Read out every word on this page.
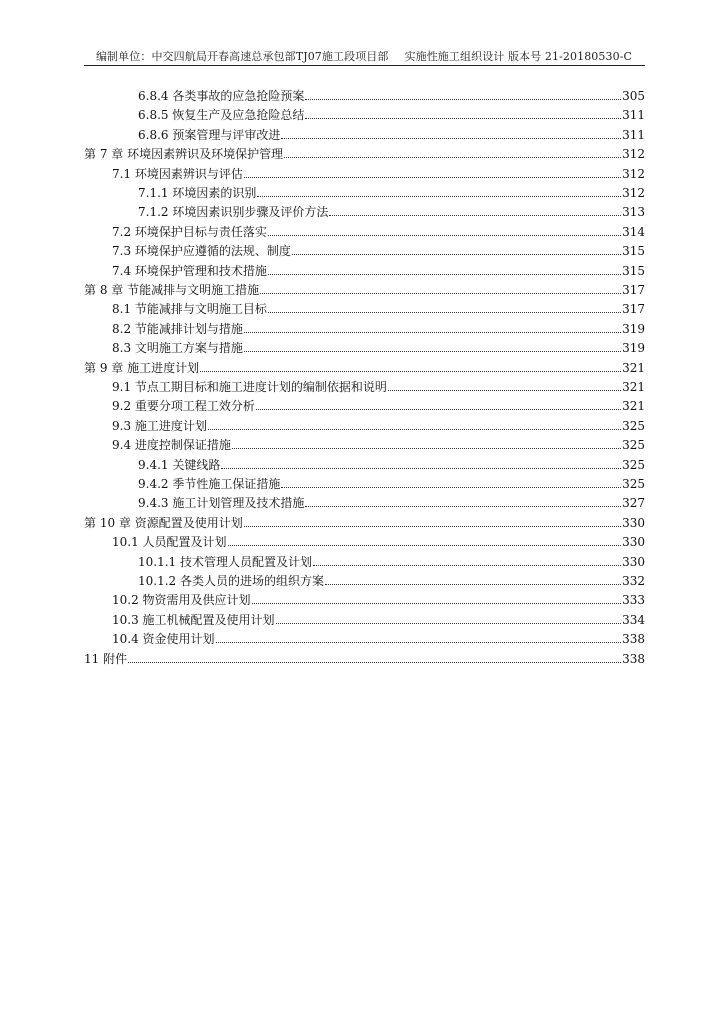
编制单位：中交四航局开春高速总承包部TJ07施工段项目部 实施性施工组织设计 版本号 21-20180530-C
6.8.4 各类事故的应急抢险预案	305
6.8.5 恢复生产及应急抢险总结	311
6.8.6 预案管理与评审改进	311
第 7 章 环境因素辨识及环境保护管理	312
7.1 环境因素辨识与评估	312
7.1.1 环境因素的识别	312
7.1.2 环境因素识别步骤及评价方法	313
7.2 环境保护目标与责任落实	314
7.3 环境保护应遵循的法规、制度	315
7.4 环境保护管理和技术措施	315
第 8 章 节能减排与文明施工措施	317
8.1 节能减排与文明施工目标	317
8.2 节能减排计划与措施	319
8.3 文明施工方案与措施	319
第 9 章 施工进度计划	321
9.1 节点工期目标和施工进度计划的编制依据和说明	321
9.2 重要分项工程工效分析	321
9.3 施工进度计划	325
9.4 进度控制保证措施	325
9.4.1 关键线路	325
9.4.2 季节性施工保证措施	325
9.4.3 施工计划管理及技术措施	327
第 10 章 资源配置及使用计划	330
10.1 人员配置及计划	330
10.1.1 技术管理人员配置及计划	330
10.1.2 各类人员的进场的组织方案	332
10.2 物资需用及供应计划	333
10.3 施工机械配置及使用计划	334
10.4 资金使用计划	338
11 附件	338
